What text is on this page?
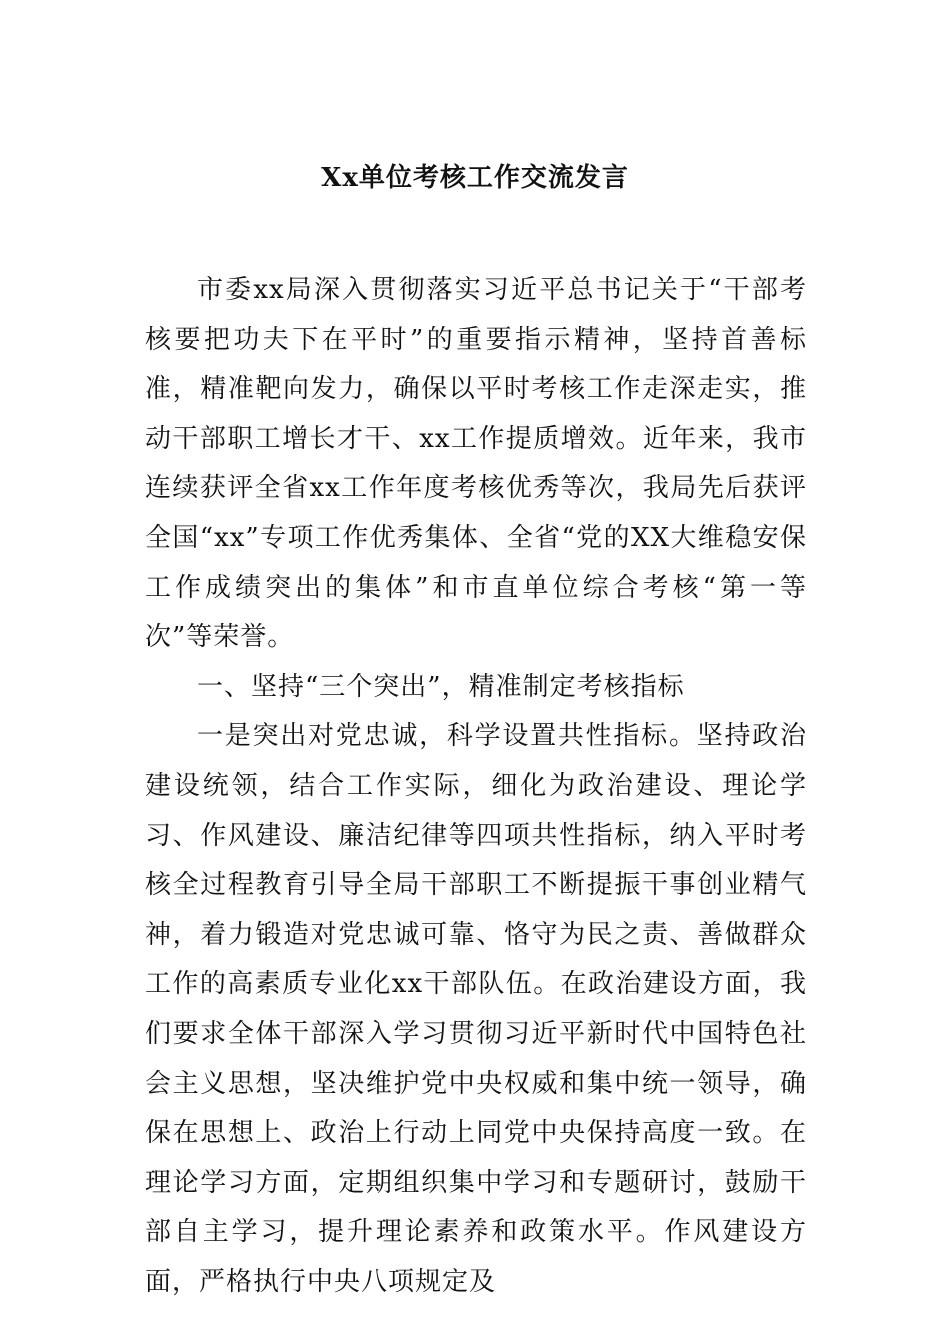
Xx单位考核工作交流发言

市委xx局深入贯彻落实习近平总书记关于“干部考核要把功夫下在平时”的重要指示精神，坚持首善标准，精准靶向发力，确保以平时考核工作走深走实，推动干部职工增长才干、xx工作提质增效。近年来，我市连续获评全省xx工作年度考核优秀等次，我局先后获评全国“xx”专项工作优秀集体、全省“党的XX大维稳安保工作成绩突出的集体”和市直单位综合考核“第一等次”等荣誉。

一、坚持“三个突出”，精准制定考核指标

一是突出对党忠诚，科学设置共性指标。坚持政治建设统领，结合工作实际，细化为政治建设、理论学习、作风建设、廉洁纪律等四项共性指标，纳入平时考核全过程教育引导全局干部职工不断提振干事创业精气神，着力锻造对党忠诚可靠、恪守为民之责、善做群众工作的高素质专业化xx干部队伍。在政治建设方面，我们要求全体干部深入学习贯彻习近平新时代中国特色社会主义思想，坚决维护党中央权威和集中统一领导，确保在思想上、政治上行动上同党中央保持高度一致。在理论学习方面，定期组织集中学习和专题研讨，鼓励干部自主学习，提升理论素养和政策水平。作风建设方面，严格执行中央八项规定及
